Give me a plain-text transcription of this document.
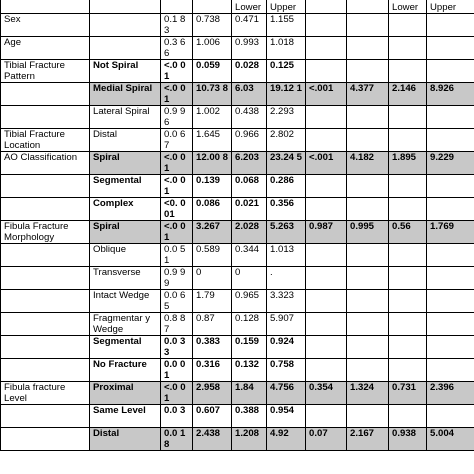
				Lower	Upper			Lower	Upper
Sex		0.1 83	0.738	0.471	1.155				
Age		0.3 66	1.006	0.993	1.018				
Tibial Fracture Pattern	Not Spiral	<.0 01	0.059	0.028	0.125				
	Medial Spiral	<.0 01	10.73 8	6.03	19.12 1	<.001	4.377	2.146	8.926
	Lateral Spiral	0.9 96	1.002	0.438	2.293				
Tibial Fracture Location	Distal	0.0 67	1.645	0.966	2.802				
AO Classification	Spiral	<.0 01	12.00 8	6.203	23.24 5	<.001	4.182	1.895	9.229
	Segmental	<.0 01	0.139	0.068	0.286				
	Complex	<0. 001	0.086	0.021	0.356				
Fibula Fracture Morphology	Spiral	<.0 01	3.267	2.028	5.263	0.987	0.995	0.56	1.769
	Oblique	0.0 51	0.589	0.344	1.013				
	Transverse	0.9 99	0	0	.				
	Intact Wedge	0.0 65	1.79	0.965	3.323				
	Fragmentar y Wedge	0.8 87	0.87	0.128	5.907				
	Segmental	0.0 33	0.383	0.159	0.924				
	No Fracture	0.0 01	0.316	0.132	0.758				
Fibula fracture Level	Proximal	<.0 01	2.958	1.84	4.756	0.354	1.324	0.731	2.396
	Same Level	0.0 3	0.607	0.388	0.954				
	Distal	0.0 18	2.438	1.208	4.92	0.07	2.167	0.938	5.004
